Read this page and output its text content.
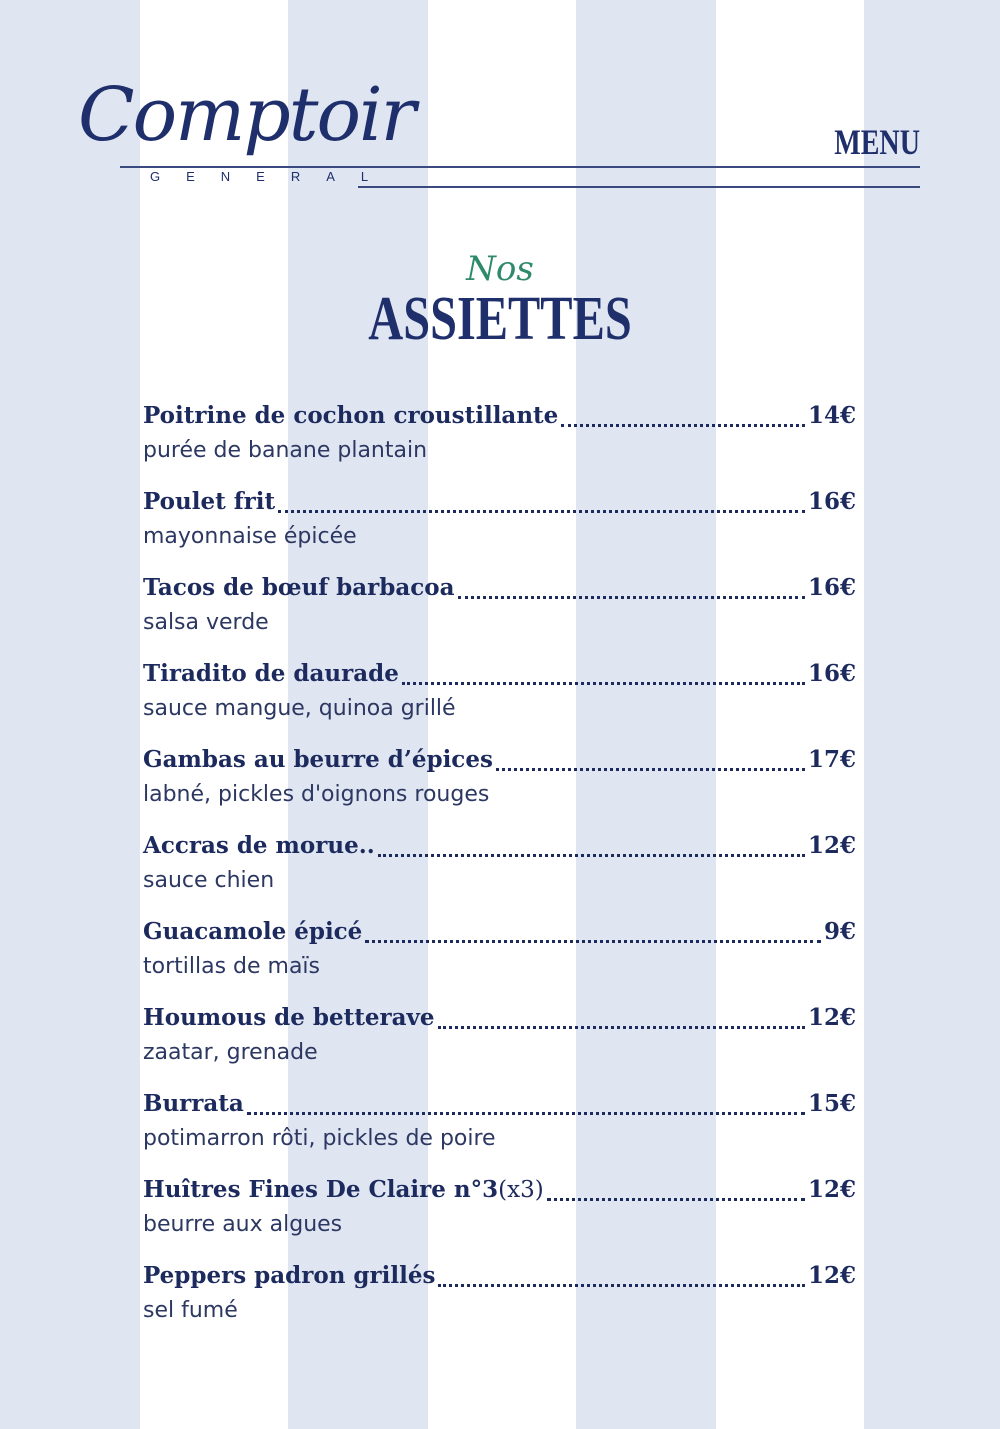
Comptoir
GENERAL
MENU
Nos
ASSIETTES
Poitrine de cochon croustillante	14€
purée de banane plantain
Poulet frit	16€
mayonnaise épicée
Tacos de bœuf barbacoa	16€
salsa verde
Tiradito de daurade	16€
sauce mangue, quinoa grillé
Gambas au beurre d’épices	17€
labné, pickles d'oignons rouges
Accras de morue..	12€
sauce chien
Guacamole épicé	9€
tortillas de maïs
Houmous de betterave	12€
zaatar, grenade
Burrata	15€
potimarron rôti, pickles de poire
Huîtres Fines De Claire n°3 (x3)	12€
beurre aux algues
Peppers padron grillés	12€
sel fumé
